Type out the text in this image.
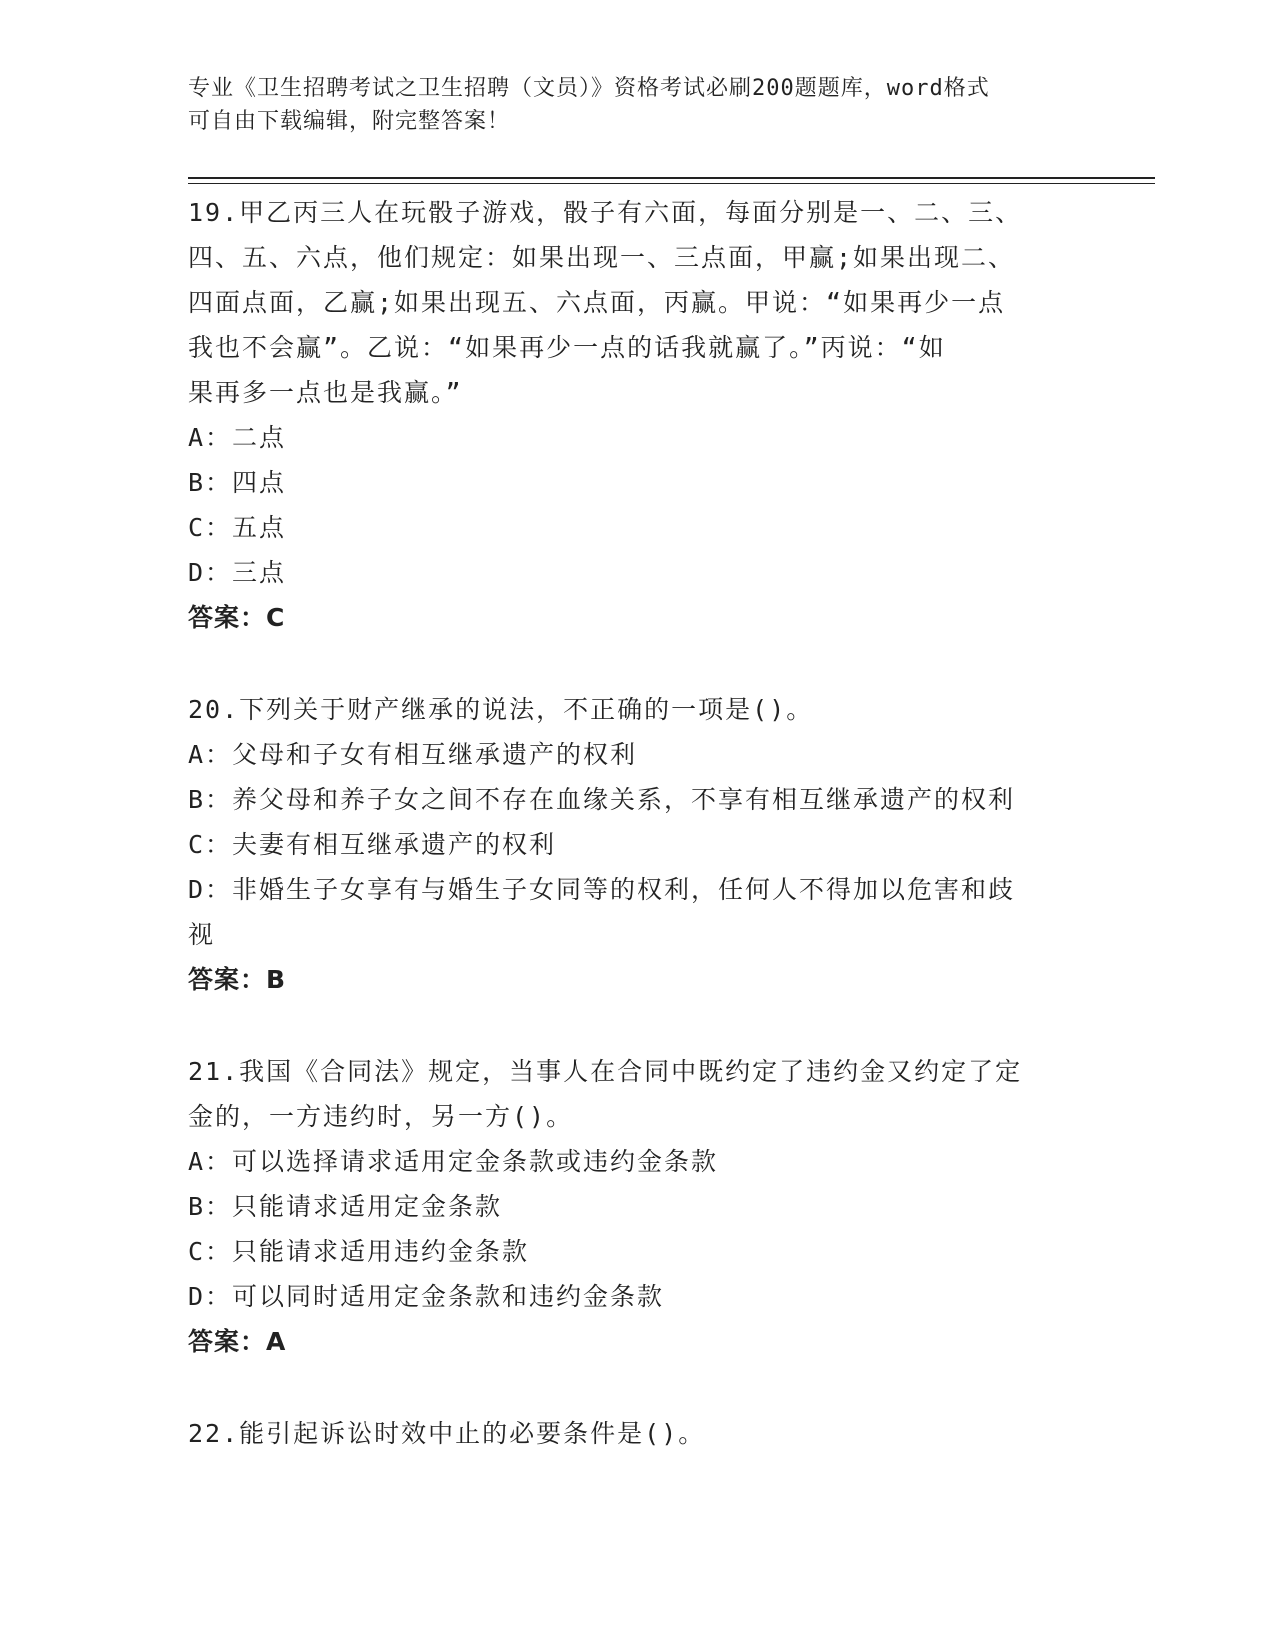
专业《卫生招聘考试之卫生招聘（文员）》资格考试必刷200题题库，word格式
可自由下载编辑，附完整答案！
19.甲乙丙三人在玩骰子游戏，骰子有六面，每面分别是一、二、三、
四、五、六点，他们规定：如果出现一、三点面，甲赢;如果出现二、
四面点面，乙赢;如果出现五、六点面，丙赢。甲说：“如果再少一点
我也不会赢”。乙说：“如果再少一点的话我就赢了。”丙说：“如
果再多一点也是我赢。”
A：二点
B：四点
C：五点
D：三点
答案：C
20.下列关于财产继承的说法，不正确的一项是()。
A：父母和子女有相互继承遗产的权利
B：养父母和养子女之间不存在血缘关系，不享有相互继承遗产的权利
C：夫妻有相互继承遗产的权利
D：非婚生子女享有与婚生子女同等的权利，任何人不得加以危害和歧
视
答案：B
21.我国《合同法》规定，当事人在合同中既约定了违约金又约定了定
金的，一方违约时，另一方()。
A：可以选择请求适用定金条款或违约金条款
B：只能请求适用定金条款
C：只能请求适用违约金条款
D：可以同时适用定金条款和违约金条款
答案：A
22.能引起诉讼时效中止的必要条件是()。
